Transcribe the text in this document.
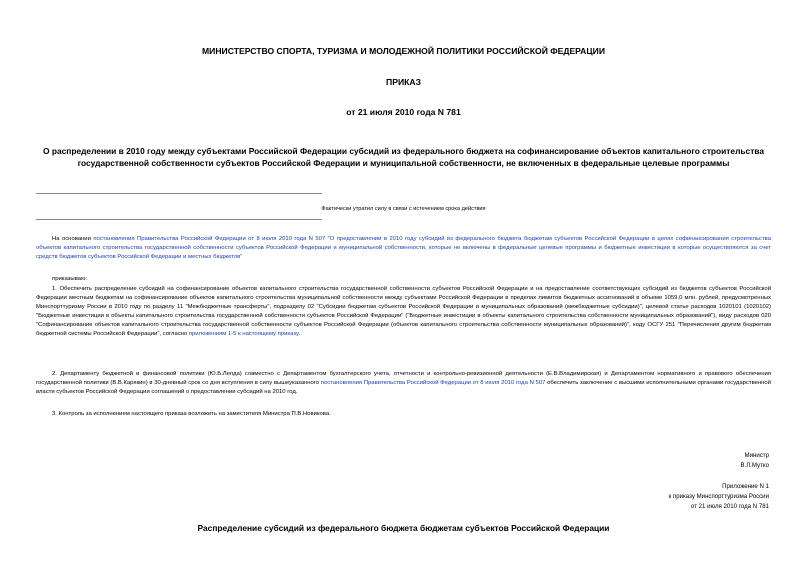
МИНИСТЕРСТВО СПОРТА, ТУРИЗМА И МОЛОДЕЖНОЙ ПОЛИТИКИ РОССИЙСКОЙ ФЕДЕРАЦИИ
ПРИКАЗ
от 21 июля 2010 года N 781
О распределении в 2010 году между субъектами Российской Федерации субсидий из федерального бюджета на софинансирование объектов капитального строительства государственной собственности субъектов Российской Федерации и муниципальной собственности, не включенных в федеральные целевые программы
Фактически утратил силу в связи с истечением срока действия
На основании постановления Правительства Российской Федерации от 8 июля 2010 года N 507 "О предоставлении в 2010 году субсидий из федерального бюджета бюджетам субъектов Российской Федерации в целях софинансирования строительства объектов капитального строительства государственной собственности субъектов Российской Федерации и муниципальной собственности, которые не включены в федеральные целевые программы и бюджетные инвестиции в которые осуществляются за счет средств бюджетов субъектов Российской Федерации и местных бюджетов"
приказываю:
1. Обеспечить распределение субсидий на софинансирование объектов капитального строительства государственной собственности субъектов Российской Федерации и на предоставление соответствующих субсидий из бюджетов субъектов Российской Федерации местным бюджетам на софинансирование объектов капитального строительства муниципальной собственности между субъектами Российской Федерации в пределах лимитов бюджетных ассигнований в объеме 1059,0 млн. рублей, предусмотренных Минспорттуризму России в 2010 году по разделу 11 "Межбюджетные трансферты", подразделу 02 "Субсидии бюджетам субъектов Российской Федерации и муниципальных образований (межбюджетные субсидии)", целевой статье расходов 1020101 (1020102) "Бюджетные инвестиции в объекты капитального строительства государственной собственности субъектов Российской Федерации" ("Бюджетные инвестиции в объекты капитального строительства собственности муниципальных образований"), виду расходов 020 "Софинансирование объектов капитального строительства государственной собственности субъектов Российской Федерации (объектов капитального строительства собственности муниципальных образований)", коду ОСГУ 251 "Перечисления другим бюджетам бюджетной системы Российской Федерации", согласно приложениям 1-5 к настоящему приказу.
2. Департаменту бюджетной и финансовой политики (Ю.Б.Лепда) совместно с Департаментом бухгалтерского учета, отчетности и контрольно-ревизионной деятельности (Е.В.Владимирская) и Департаментом нормативного и правового обеспечения государственной политики (В.В.Карякин) в 30-дневный срок со дня вступления в силу вышеуказанного постановления Правительства Российской Федерации от 8 июля 2010 года N 507 обеспечить заключение с высшими исполнительными органами государственной власти субъектов Российской Федерации соглашений о предоставлении субсидий на 2010 год.
3. Контроль за исполнением настоящего приказа возложить на заместителя Министра П.В.Новикова.
Министр
В.Л.Мутко
Приложение N 1
к приказу Минспорттуризма России
от 21 июля 2010 года N 781
Распределение субсидий из федерального бюджета бюджетам субъектов Российской Федерации
